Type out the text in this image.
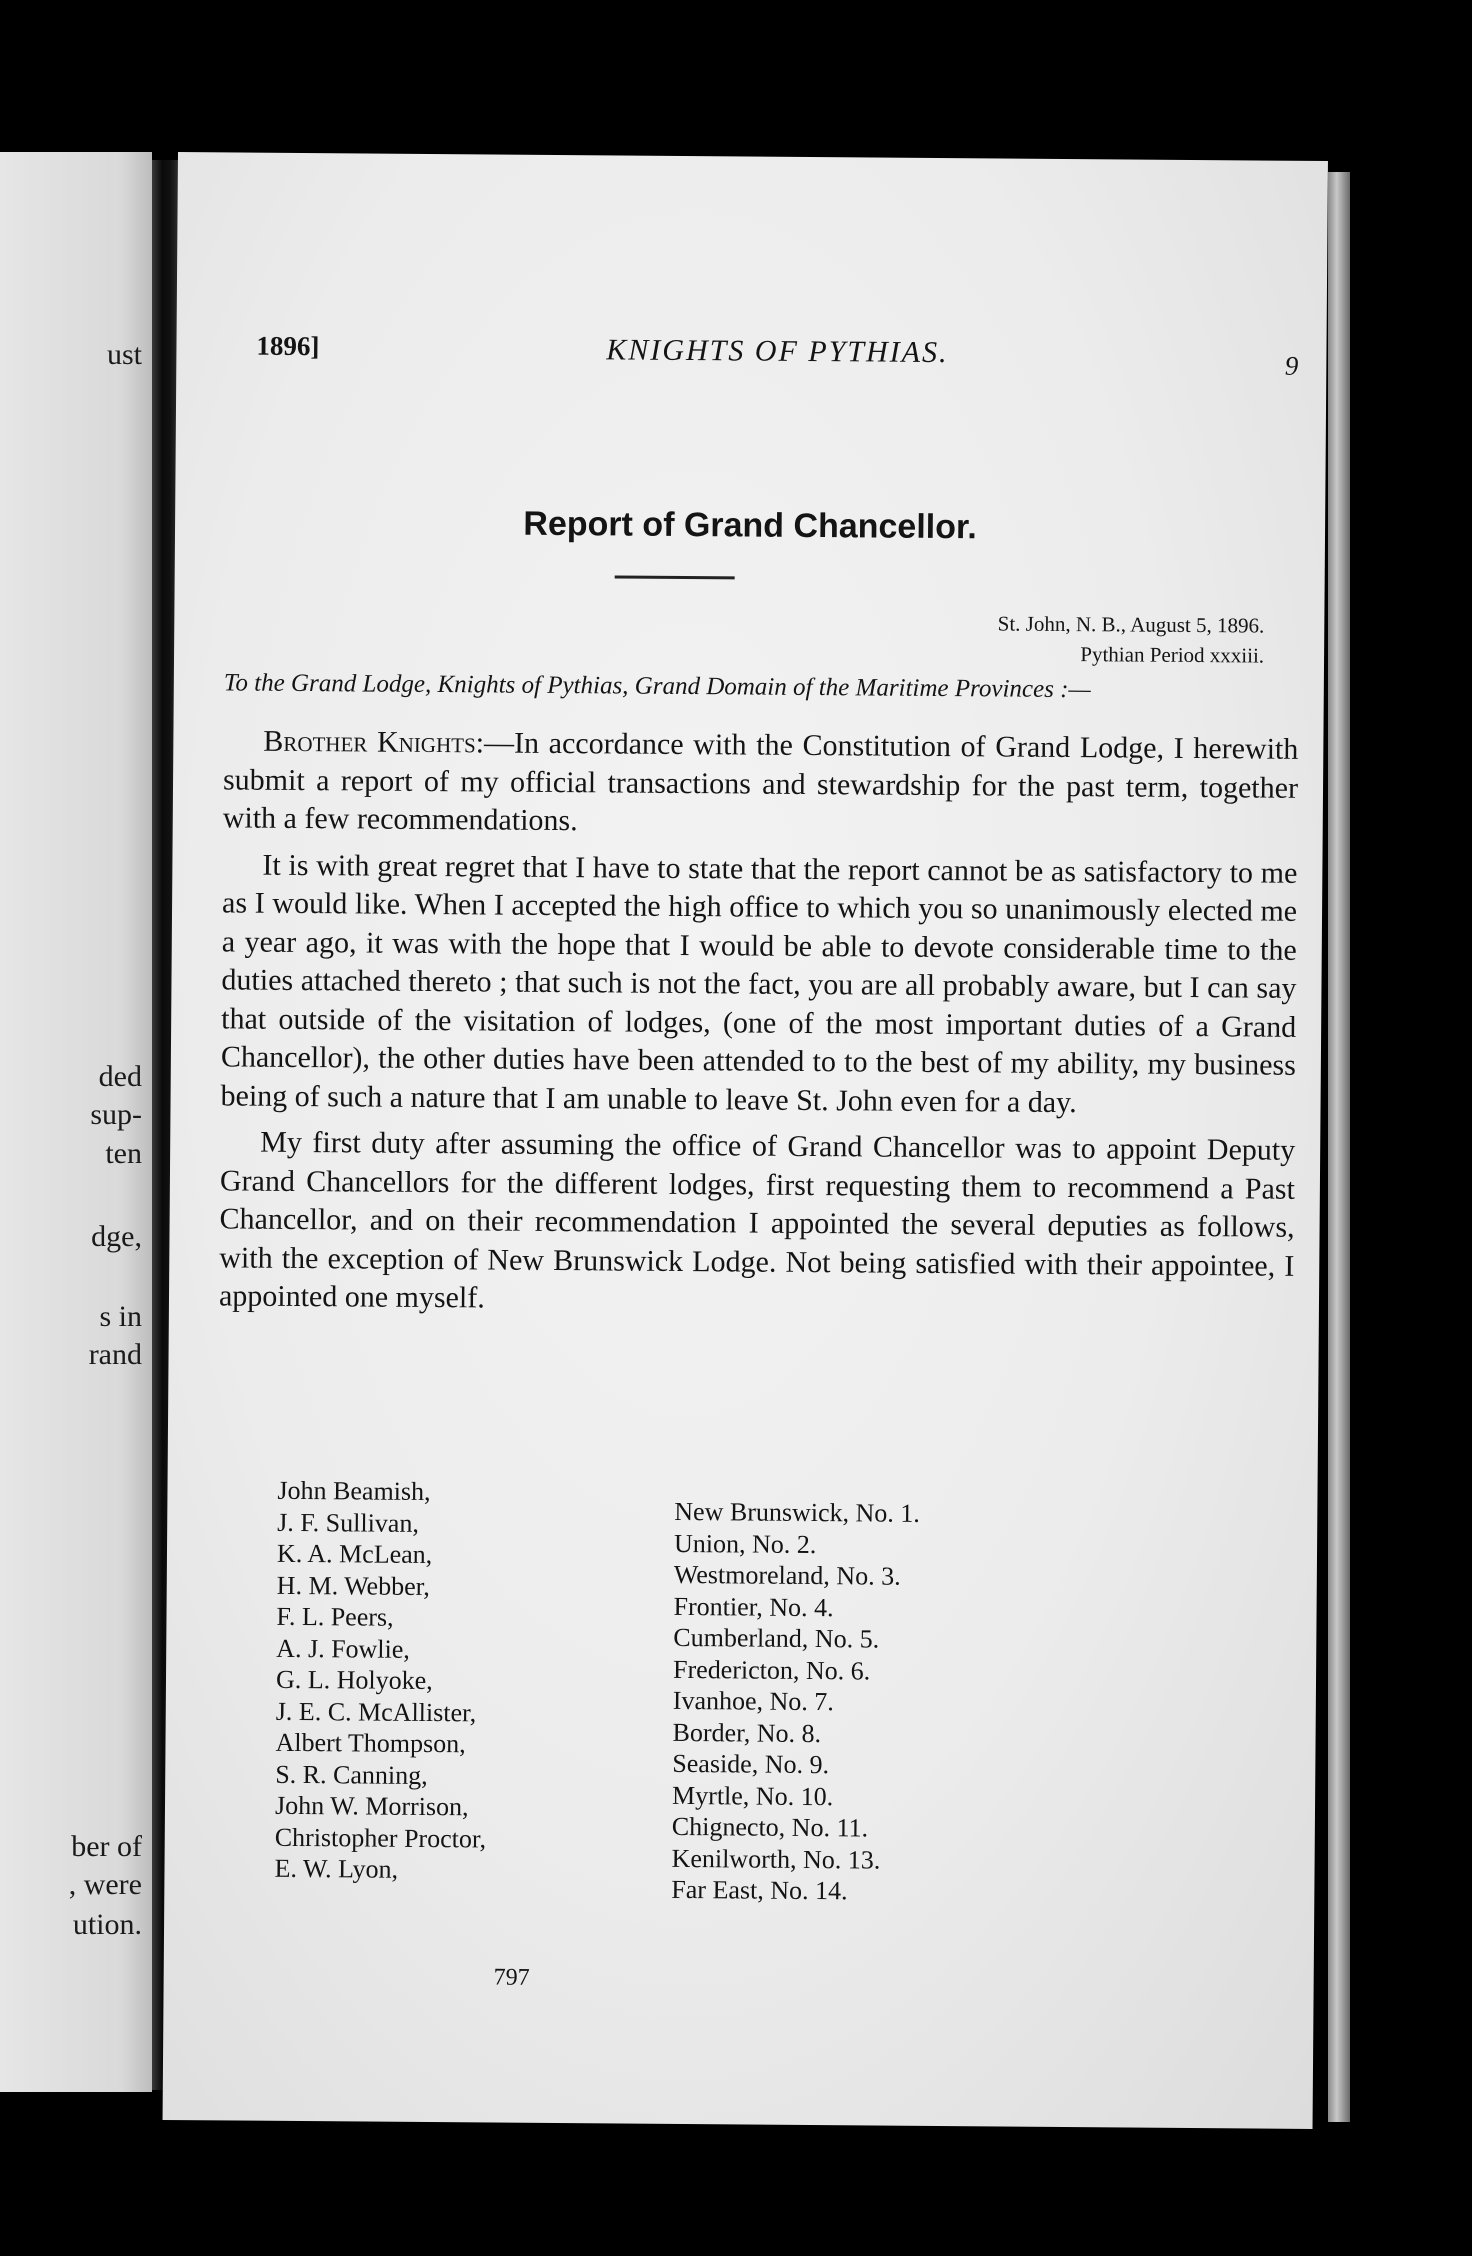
ust
ded
sup-
ten
dge,
s in
rand
ber of
, were
ution.
1896]	KNIGHTS OF PYTHIAS.	9
Report of Grand Chancellor.
St. John, N. B., August 5, 1896.
Pythian Period xxxiii.
To the Grand Lodge, Knights of Pythias, Grand Domain of the Maritime Provinces :—

Brother Knights:—In accordance with the Constitution of Grand Lodge, I herewith submit a report of my official transactions and stewardship for the past term, together with a few recommendations.

It is with great regret that I have to state that the report cannot be as satisfactory to me as I would like. When I accepted the high office to which you so unanimously elected me a year ago, it was with the hope that I would be able to devote considerable time to the duties attached thereto ; that such is not the fact, you are all probably aware, but I can say that outside of the visitation of lodges, (one of the most important duties of a Grand Chancellor), the other duties have been attended to to the best of my ability, my business being of such a nature that I am unable to leave St. John even for a day.

My first duty after assuming the office of Grand Chancellor was to appoint Deputy Grand Chancellors for the different lodges, first requesting them to recommend a Past Chancellor, and on their recommendation I appointed the several deputies as follows, with the exception of New Brunswick Lodge. Not being satisfied with their appointee, I appointed one myself.

John Beamish,
New Brunswick, No. 1.
J. F. Sullivan,
Union, No. 2.
K. A. McLean,
Westmoreland, No. 3.
H. M. Webber,
Frontier, No. 4.
F. L. Peers,
Cumberland, No. 5.
A. J. Fowlie,
Fredericton, No. 6.
G. L. Holyoke,
Ivanhoe, No. 7.
J. E. C. McAllister,
Border, No. 8.
Albert Thompson,
Seaside, No. 9.
S. R. Canning,
Myrtle, No. 10.
John W. Morrison,
Chignecto, No. 11.
Christopher Proctor,
Kenilworth, No. 13.
E. W. Lyon,
Far East, No. 14.
797
